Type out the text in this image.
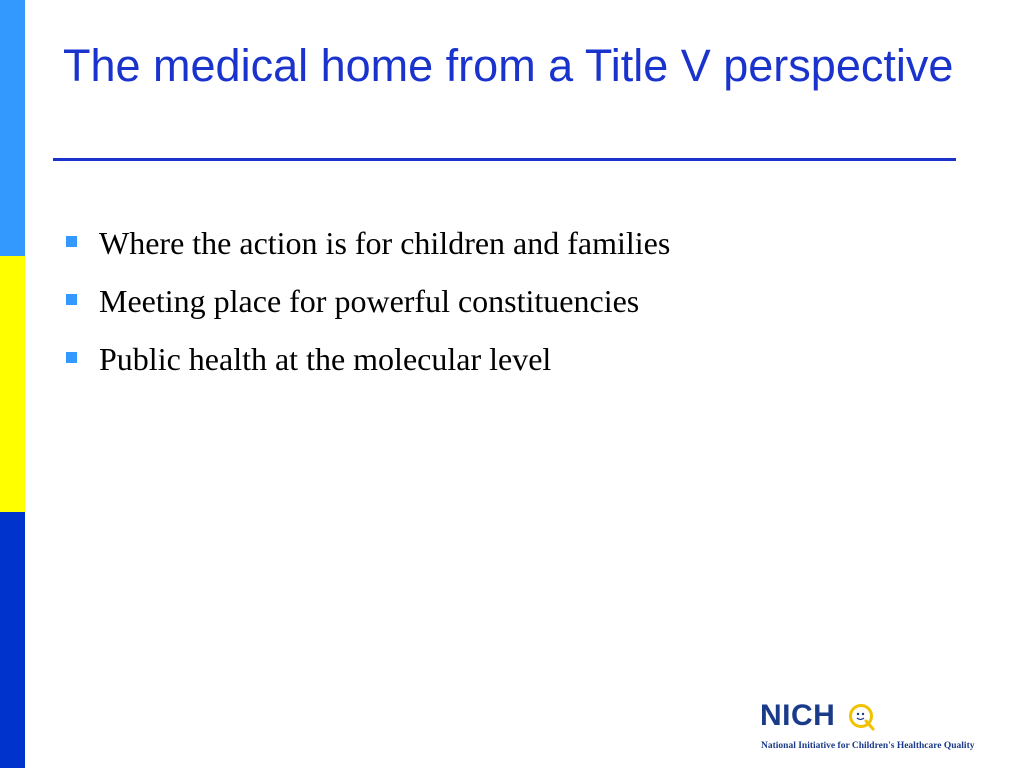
The medical home from a Title V perspective
Where the action is for children and families
Meeting place for powerful constituencies
Public health at the molecular level
NICH
National Initiative for Children's Healthcare Quality
